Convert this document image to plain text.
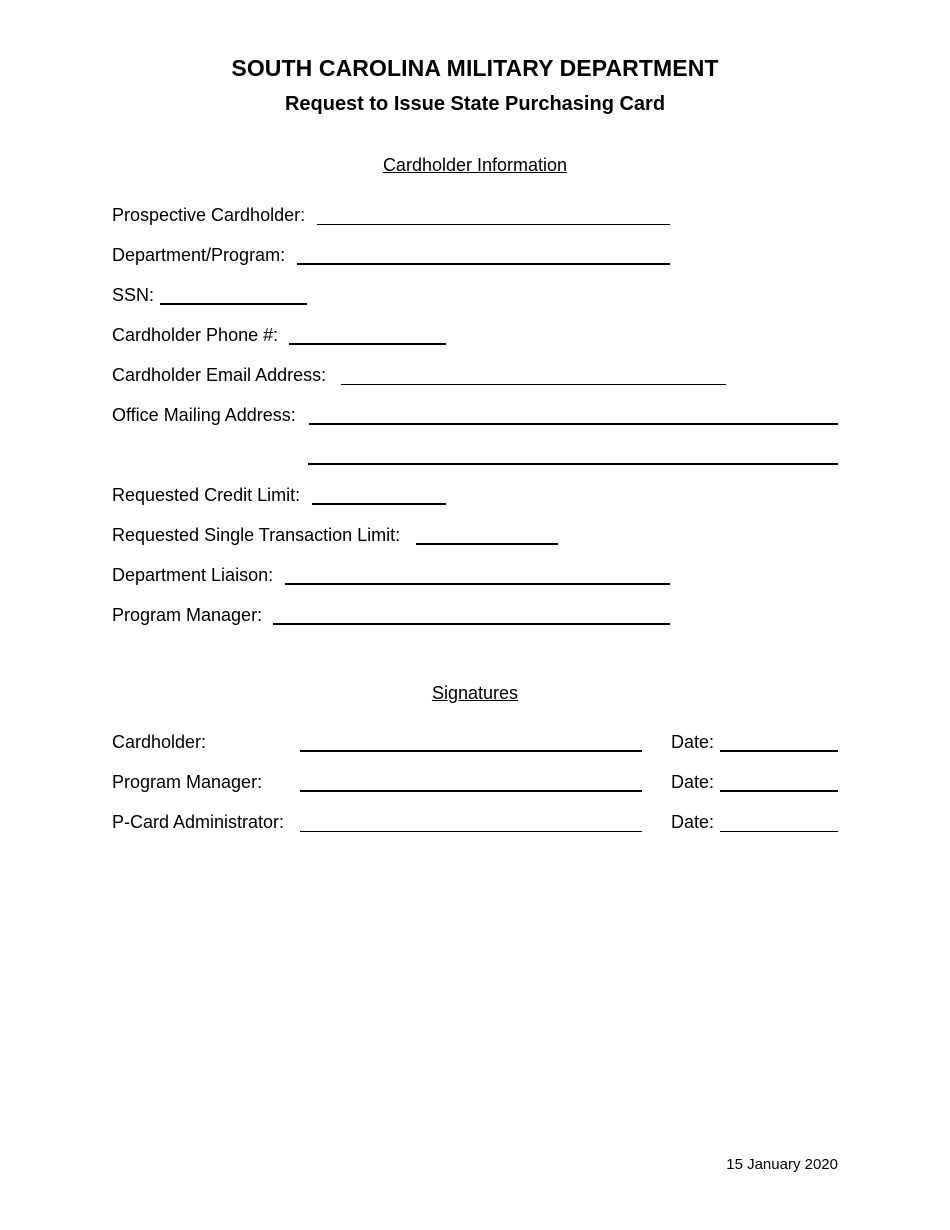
SOUTH CAROLINA MILITARY DEPARTMENT
Request to Issue State Purchasing Card
Cardholder Information
Prospective Cardholder:
Department/Program:
SSN:
Cardholder Phone #:
Cardholder Email Address:
Office Mailing Address:
Requested Credit Limit:
Requested Single Transaction Limit:
Department Liaison:
Program Manager:
Signatures
Cardholder:	Date:
Program Manager:	Date:
P-Card Administrator:	Date:
15 January 2020
